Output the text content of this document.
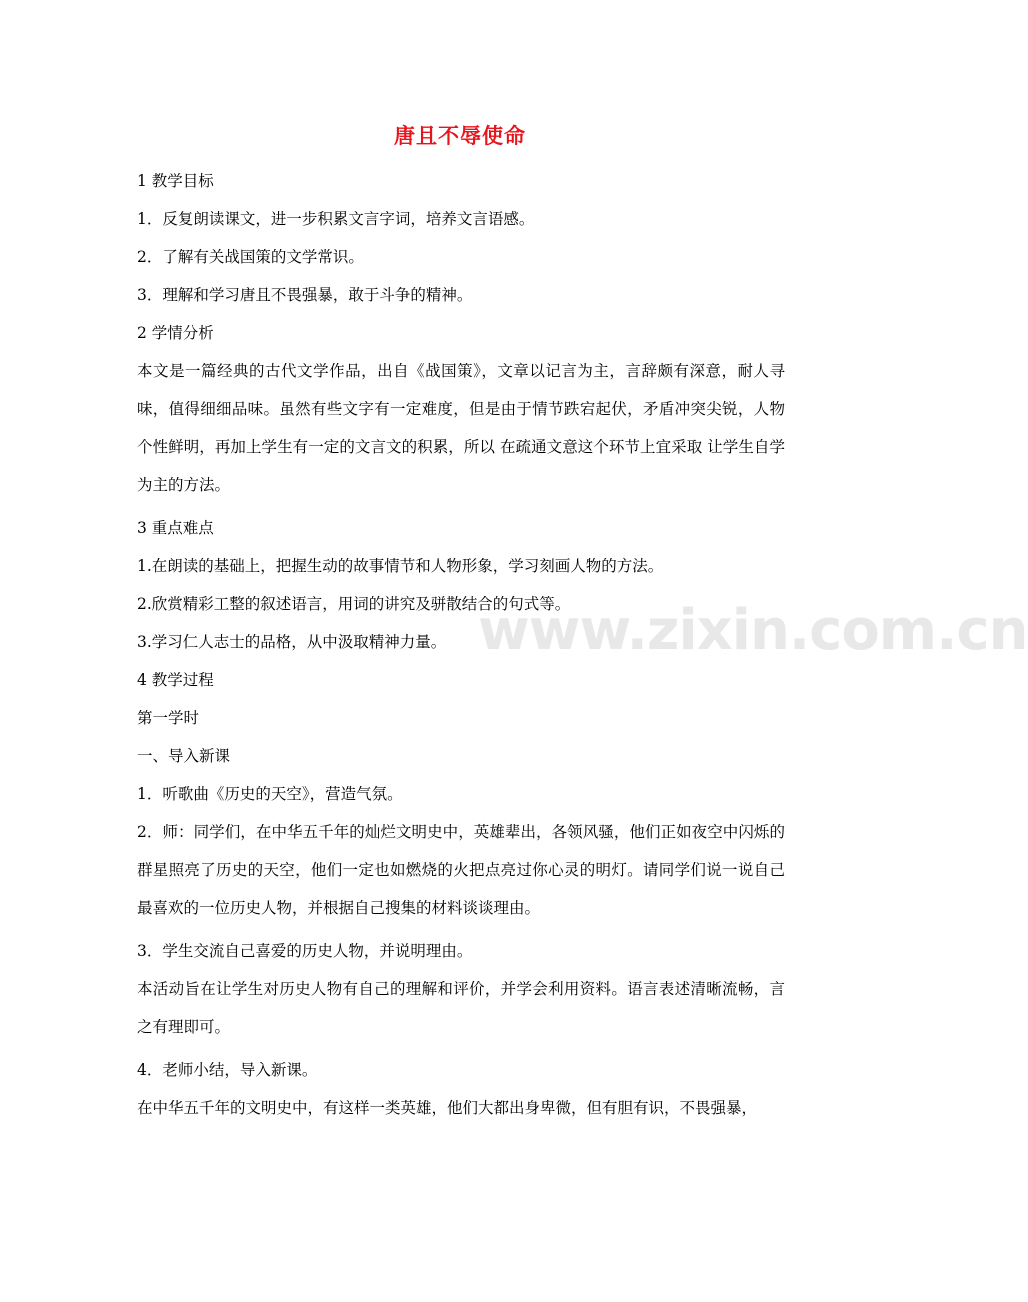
唐且不辱使命
www.zixin.com.cn
1 教学目标
1．反复朗读课文，进一步积累文言字词，培养文言语感。
2．了解有关战国策的文学常识。
3．理解和学习唐且不畏强暴，敢于斗争的精神。
2 学情分析
本文是一篇经典的古代文学作品，出自《战国策》，文章以记言为主，言辞颇有深意，耐人寻味，值得细细品味。虽然有些文字有一定难度，但是由于情节跌宕起伏，矛盾冲突尖锐，人物个性鲜明，再加上学生有一定的文言文的积累，所以 在疏通文意这个环节上宜采取 让学生自学为主的方法。
3 重点难点
1.在朗读的基础上，把握生动的故事情节和人物形象，学习刻画人物的方法。
2.欣赏精彩工整的叙述语言，用词的讲究及骈散结合的句式等。
3.学习仁人志士的品格，从中汲取精神力量。
4 教学过程
第一学时
一、导入新课
1．听歌曲《历史的天空》，营造气氛。
2．师：同学们，在中华五千年的灿烂文明史中，英雄辈出，各领风骚，他们正如夜空中闪烁的群星照亮了历史的天空，他们一定也如燃烧的火把点亮过你心灵的明灯。请同学们说一说自己最喜欢的一位历史人物，并根据自己搜集的材料谈谈理由。
3．学生交流自己喜爱的历史人物，并说明理由。
本活动旨在让学生对历史人物有自己的理解和评价，并学会利用资料。语言表述清晰流畅，言之有理即可。
4．老师小结，导入新课。
在中华五千年的文明史中，有这样一类英雄，他们大都出身卑微，但有胆有识，不畏强暴，
